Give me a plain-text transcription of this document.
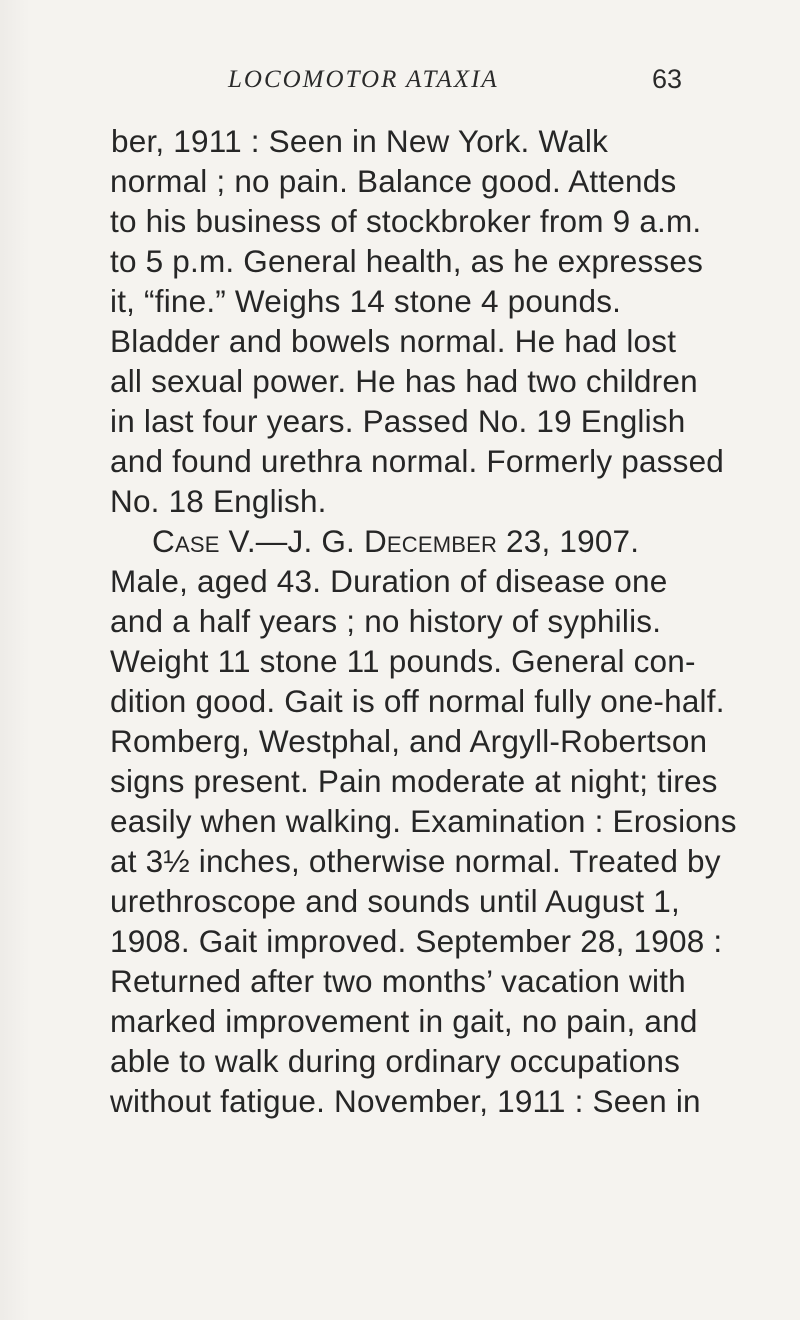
LOCOMOTOR ATAXIA	63
ber, 1911 : Seen in New York. Walk
normal ; no pain. Balance good. Attends
to his business of stockbroker from 9 a.m.
to 5 p.m. General health, as he expresses
it, “fine.” Weighs 14 stone 4 pounds.
Bladder and bowels normal. He had lost
all sexual power. He has had two children
in last four years. Passed No. 19 English
and found urethra normal. Formerly passed
No. 18 English.
Case V.—J. G. December 23, 1907.
Male, aged 43. Duration of disease one
and a half years ; no history of syphilis.
Weight 11 stone 11 pounds. General con-
dition good. Gait is off normal fully one-half.
Romberg, Westphal, and Argyll-Robertson
signs present. Pain moderate at night; tires
easily when walking. Examination : Erosions
at 3½ inches, otherwise normal. Treated by
urethroscope and sounds until August 1,
1908. Gait improved. September 28, 1908 :
Returned after two months’ vacation with
marked improvement in gait, no pain, and
able to walk during ordinary occupations
without fatigue. November, 1911 : Seen in
